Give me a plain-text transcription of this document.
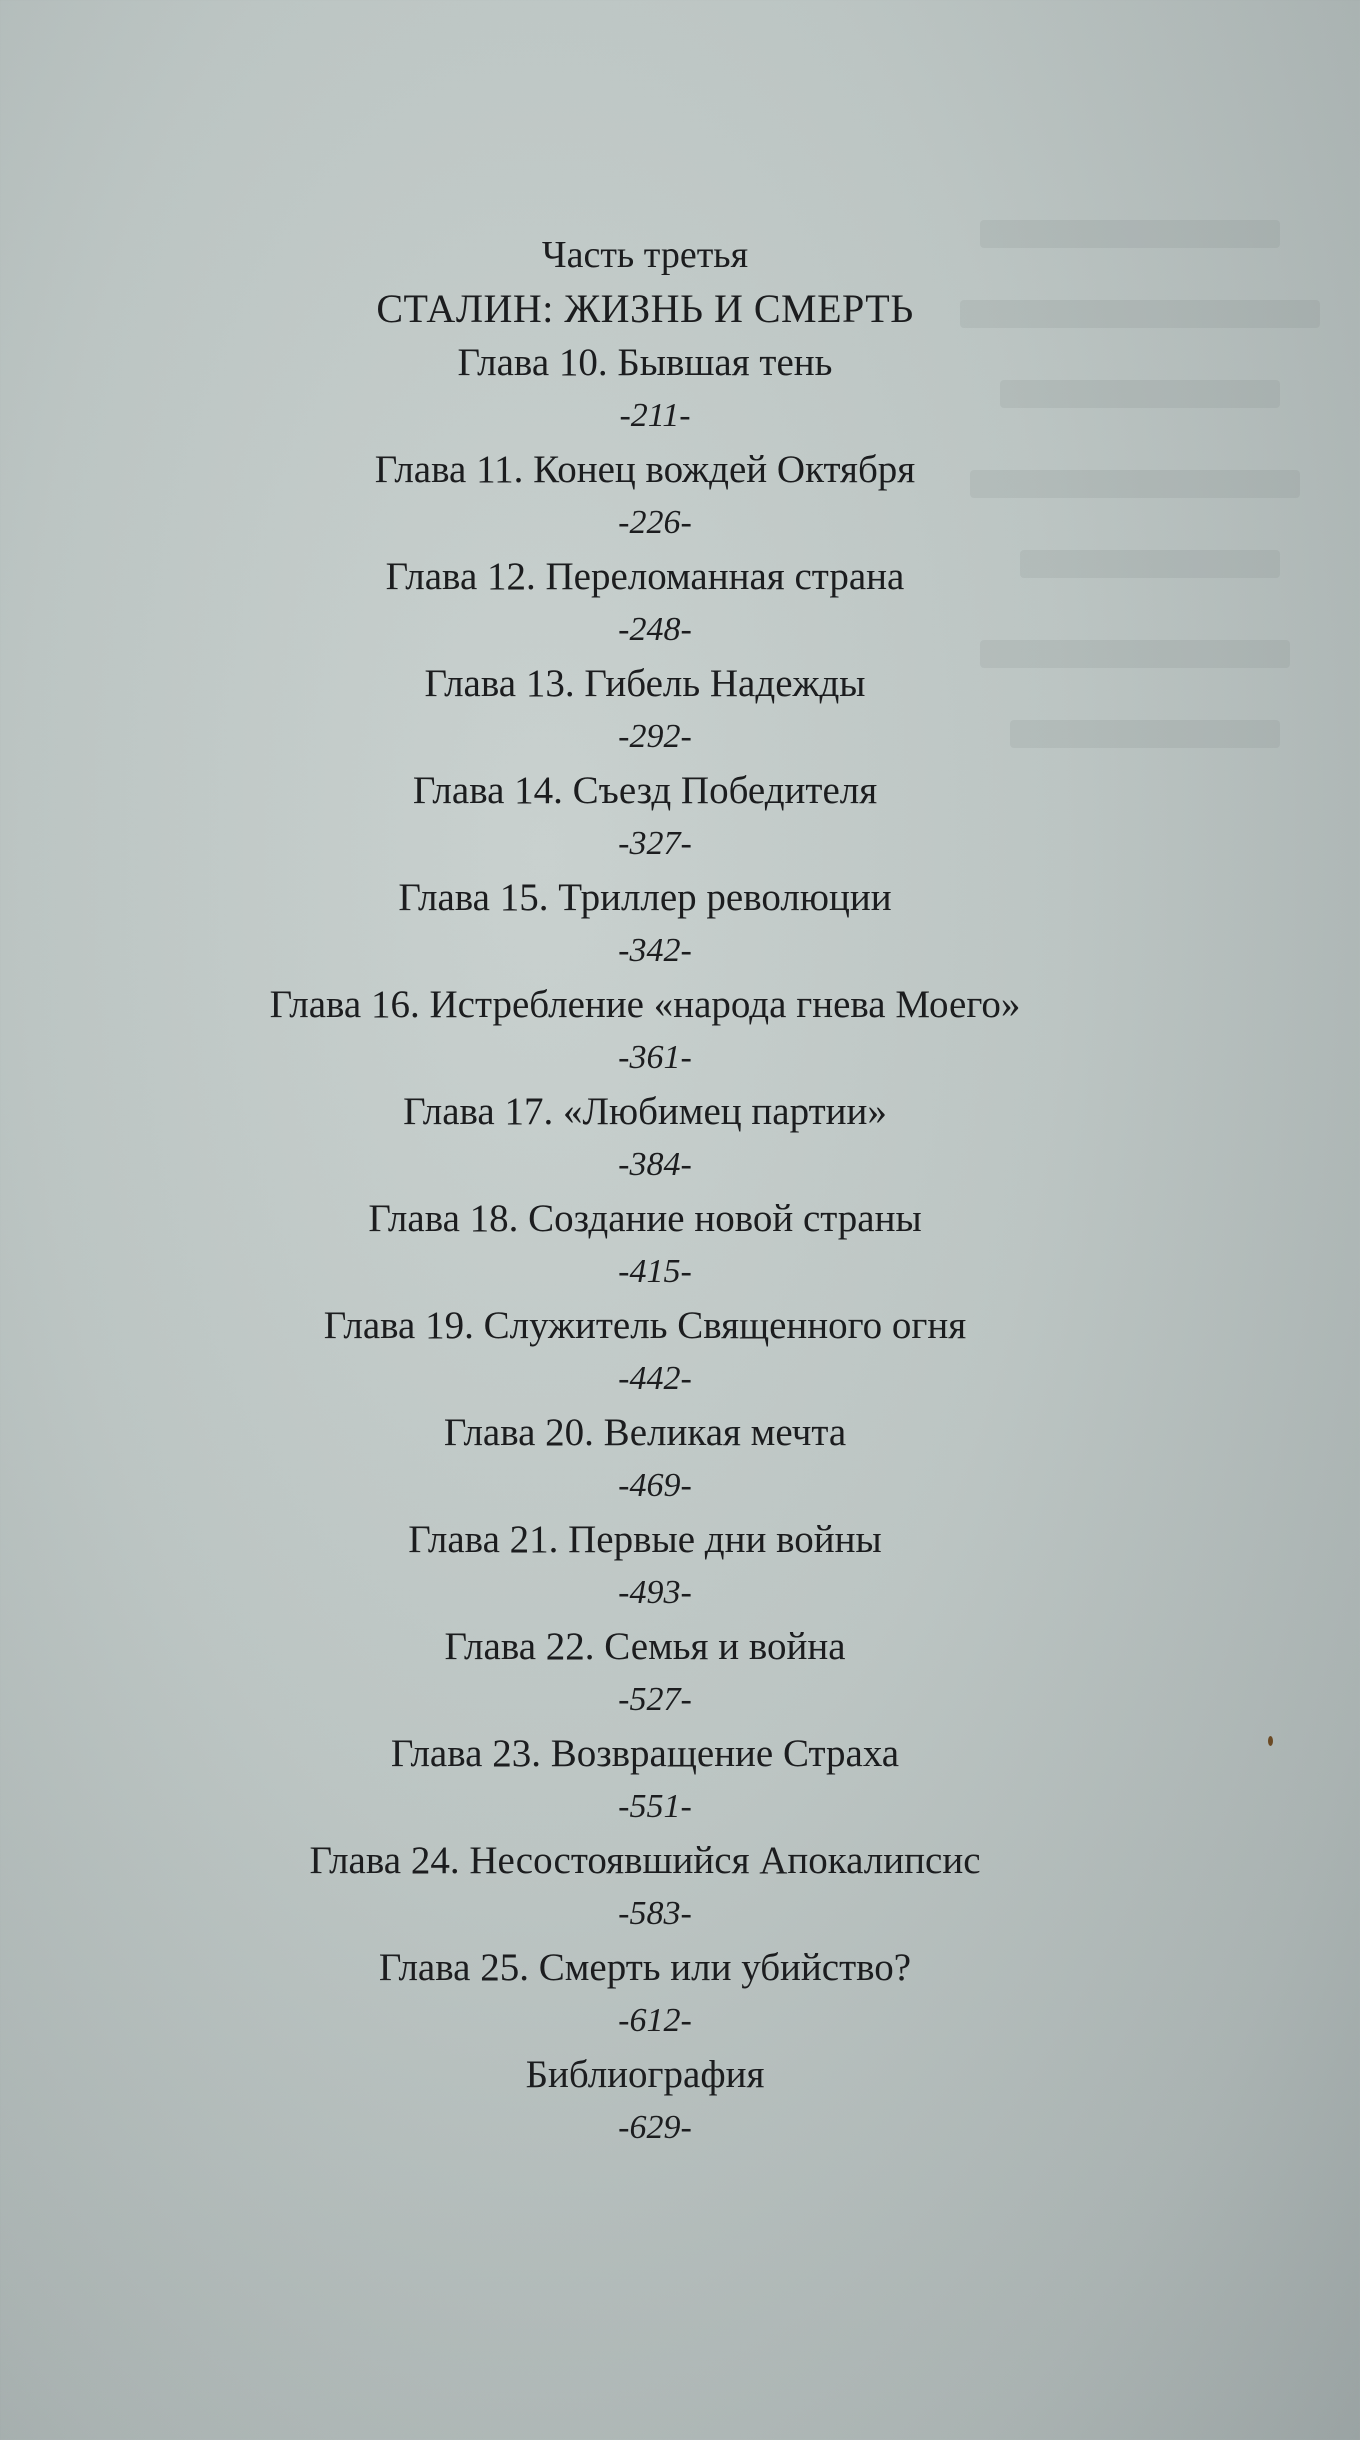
Часть третья
СТАЛИН: ЖИЗНЬ И СМЕРТЬ
Глава 10. Бывшая тень
-211-
Глава 11. Конец вождей Октября
-226-
Глава 12. Переломанная страна
-248-
Глава 13. Гибель Надежды
-292-
Глава 14. Съезд Победителя
-327-
Глава 15. Триллер революции
-342-
Глава 16. Истребление «народа гнева Моего»
-361-
Глава 17. «Любимец партии»
-384-
Глава 18. Создание новой страны
-415-
Глава 19. Служитель Священного огня
-442-
Глава 20. Великая мечта
-469-
Глава 21. Первые дни войны
-493-
Глава 22. Семья и война
-527-
Глава 23. Возвращение Страха
-551-
Глава 24. Несостоявшийся Апокалипсис
-583-
Глава 25. Смерть или убийство?
-612-
Библиография
-629-
